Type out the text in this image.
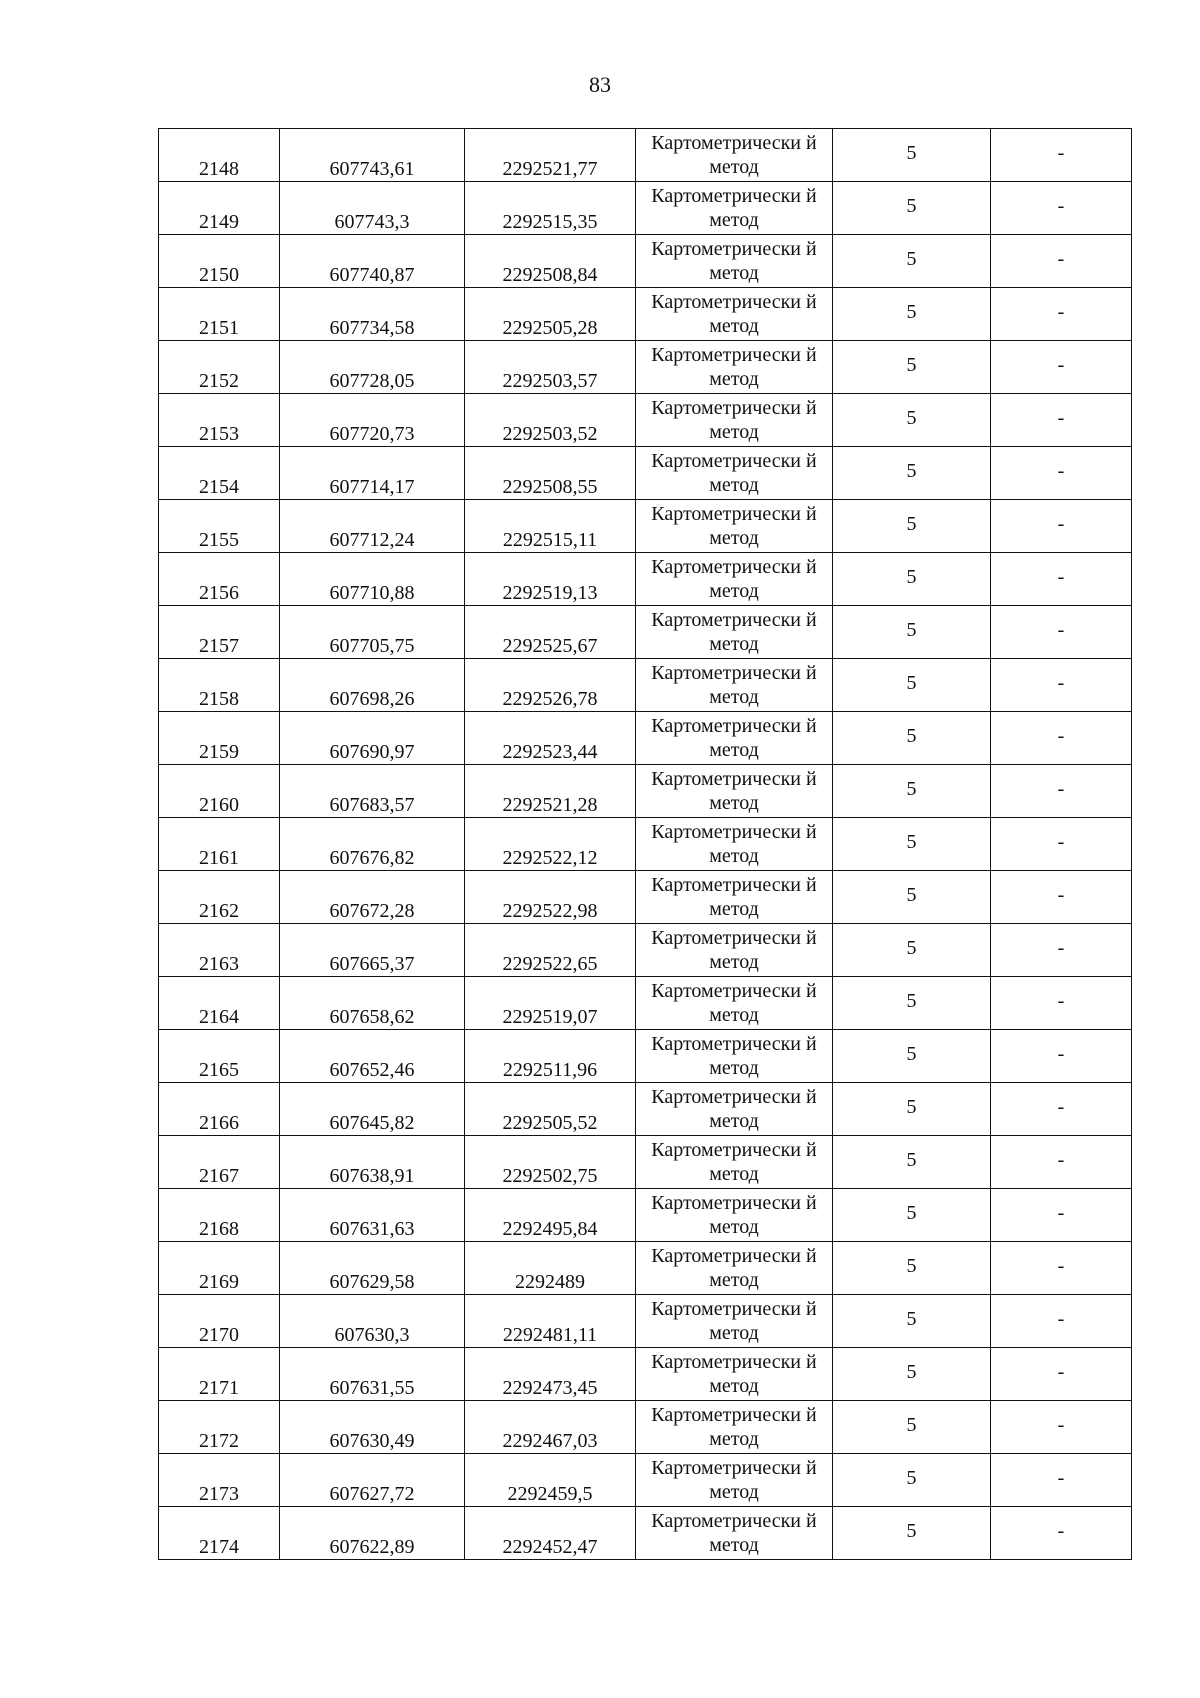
83
2148	607743,61	2292521,77	Картометрически й метод	5	-
2149	607743,3	2292515,35	Картометрически й метод	5	-
2150	607740,87	2292508,84	Картометрически й метод	5	-
2151	607734,58	2292505,28	Картометрически й метод	5	-
2152	607728,05	2292503,57	Картометрически й метод	5	-
2153	607720,73	2292503,52	Картометрически й метод	5	-
2154	607714,17	2292508,55	Картометрически й метод	5	-
2155	607712,24	2292515,11	Картометрически й метод	5	-
2156	607710,88	2292519,13	Картометрически й метод	5	-
2157	607705,75	2292525,67	Картометрически й метод	5	-
2158	607698,26	2292526,78	Картометрически й метод	5	-
2159	607690,97	2292523,44	Картометрически й метод	5	-
2160	607683,57	2292521,28	Картометрически й метод	5	-
2161	607676,82	2292522,12	Картометрически й метод	5	-
2162	607672,28	2292522,98	Картометрически й метод	5	-
2163	607665,37	2292522,65	Картометрически й метод	5	-
2164	607658,62	2292519,07	Картометрически й метод	5	-
2165	607652,46	2292511,96	Картометрически й метод	5	-
2166	607645,82	2292505,52	Картометрически й метод	5	-
2167	607638,91	2292502,75	Картометрически й метод	5	-
2168	607631,63	2292495,84	Картометрически й метод	5	-
2169	607629,58	2292489	Картометрически й метод	5	-
2170	607630,3	2292481,11	Картометрически й метод	5	-
2171	607631,55	2292473,45	Картометрически й метод	5	-
2172	607630,49	2292467,03	Картометрически й метод	5	-
2173	607627,72	2292459,5	Картометрически й метод	5	-
2174	607622,89	2292452,47	Картометрически й метод	5	-
